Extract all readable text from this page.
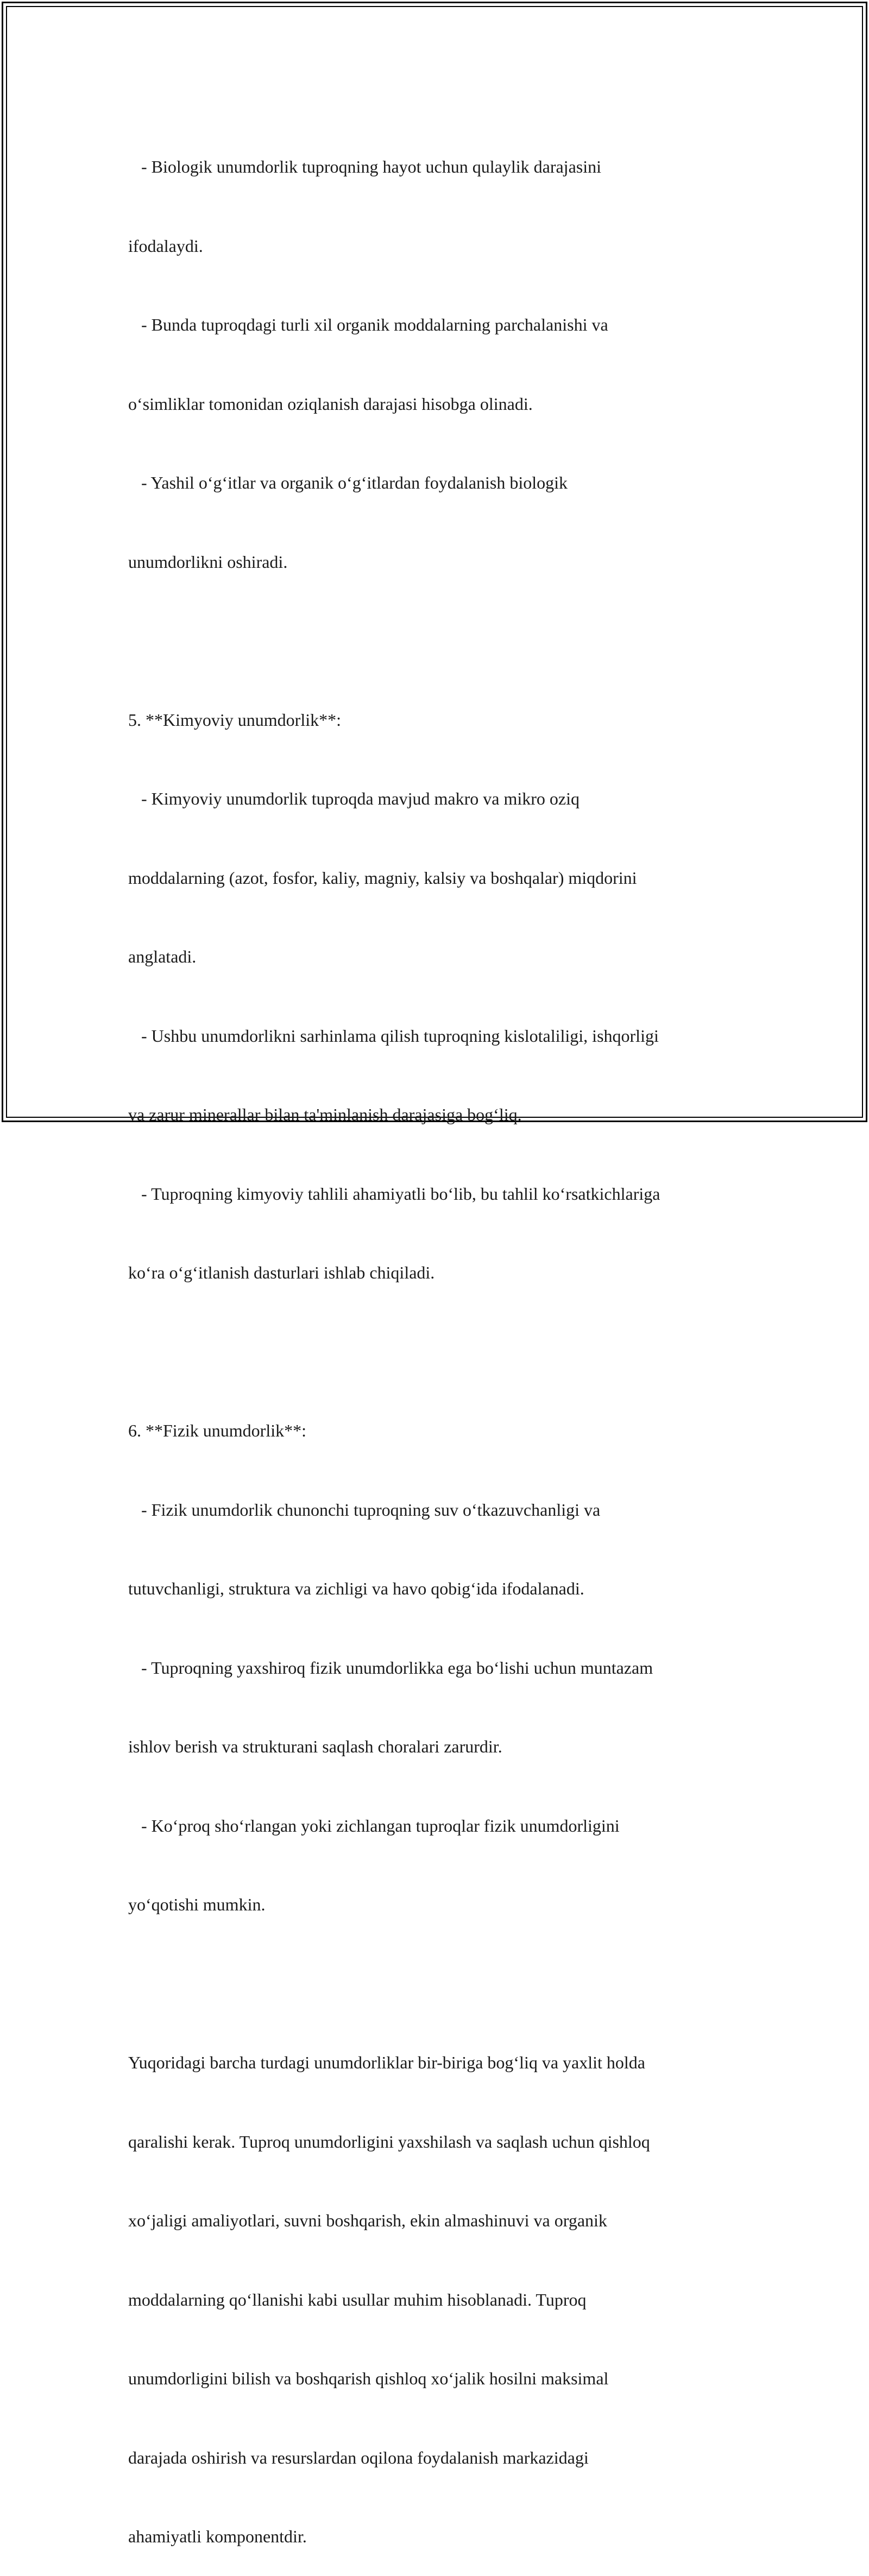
- Biologik unumdorlik tuproqning hayot uchun qulaylik darajasini

ifodalaydi.

- Bunda tuproqdagi turli xil organik moddalarning parchalanishi va

o‘simliklar tomonidan oziqlanish darajasi hisobga olinadi.

- Yashil o‘g‘itlar va organik o‘g‘itlardan foydalanish biologik

unumdorlikni oshiradi.

5. **Kimyoviy unumdorlik**:

- Kimyoviy unumdorlik tuproqda mavjud makro va mikro oziq

moddalarning (azot, fosfor, kaliy, magniy, kalsiy va boshqalar) miqdorini

anglatadi.

- Ushbu unumdorlikni sarhinlama qilish tuproqning kislotaliligi, ishqorligi

va zarur minerallar bilan ta'minlanish darajasiga bog‘liq.

- Tuproqning kimyoviy tahlili ahamiyatli bo‘lib, bu tahlil ko‘rsatkichlariga

ko‘ra o‘g‘itlanish dasturlari ishlab chiqiladi.

6. **Fizik unumdorlik**:

- Fizik unumdorlik chunonchi tuproqning suv o‘tkazuvchanligi va

tutuvchanligi, struktura va zichligi va havo qobig‘ida ifodalanadi.

- Tuproqning yaxshiroq fizik unumdorlikka ega bo‘lishi uchun muntazam

ishlov berish va strukturani saqlash choralari zarurdir.

- Ko‘proq sho‘rlangan yoki zichlangan tuproqlar fizik unumdorligini

yo‘qotishi mumkin.

Yuqoridagi barcha turdagi unumdorliklar bir-biriga bog‘liq va yaxlit holda

qaralishi kerak. Tuproq unumdorligini yaxshilash va saqlash uchun qishloq

xo‘jaligi amaliyotlari, suvni boshqarish, ekin almashinuvi va organik

moddalarning qo‘llanishi kabi usullar muhim hisoblanadi. Tuproq

unumdorligini bilish va boshqarish qishloq xo‘jalik hosilni maksimal

darajada oshirish va resurslardan oqilona foydalanish markazidagi

ahamiyatli komponentdir.
